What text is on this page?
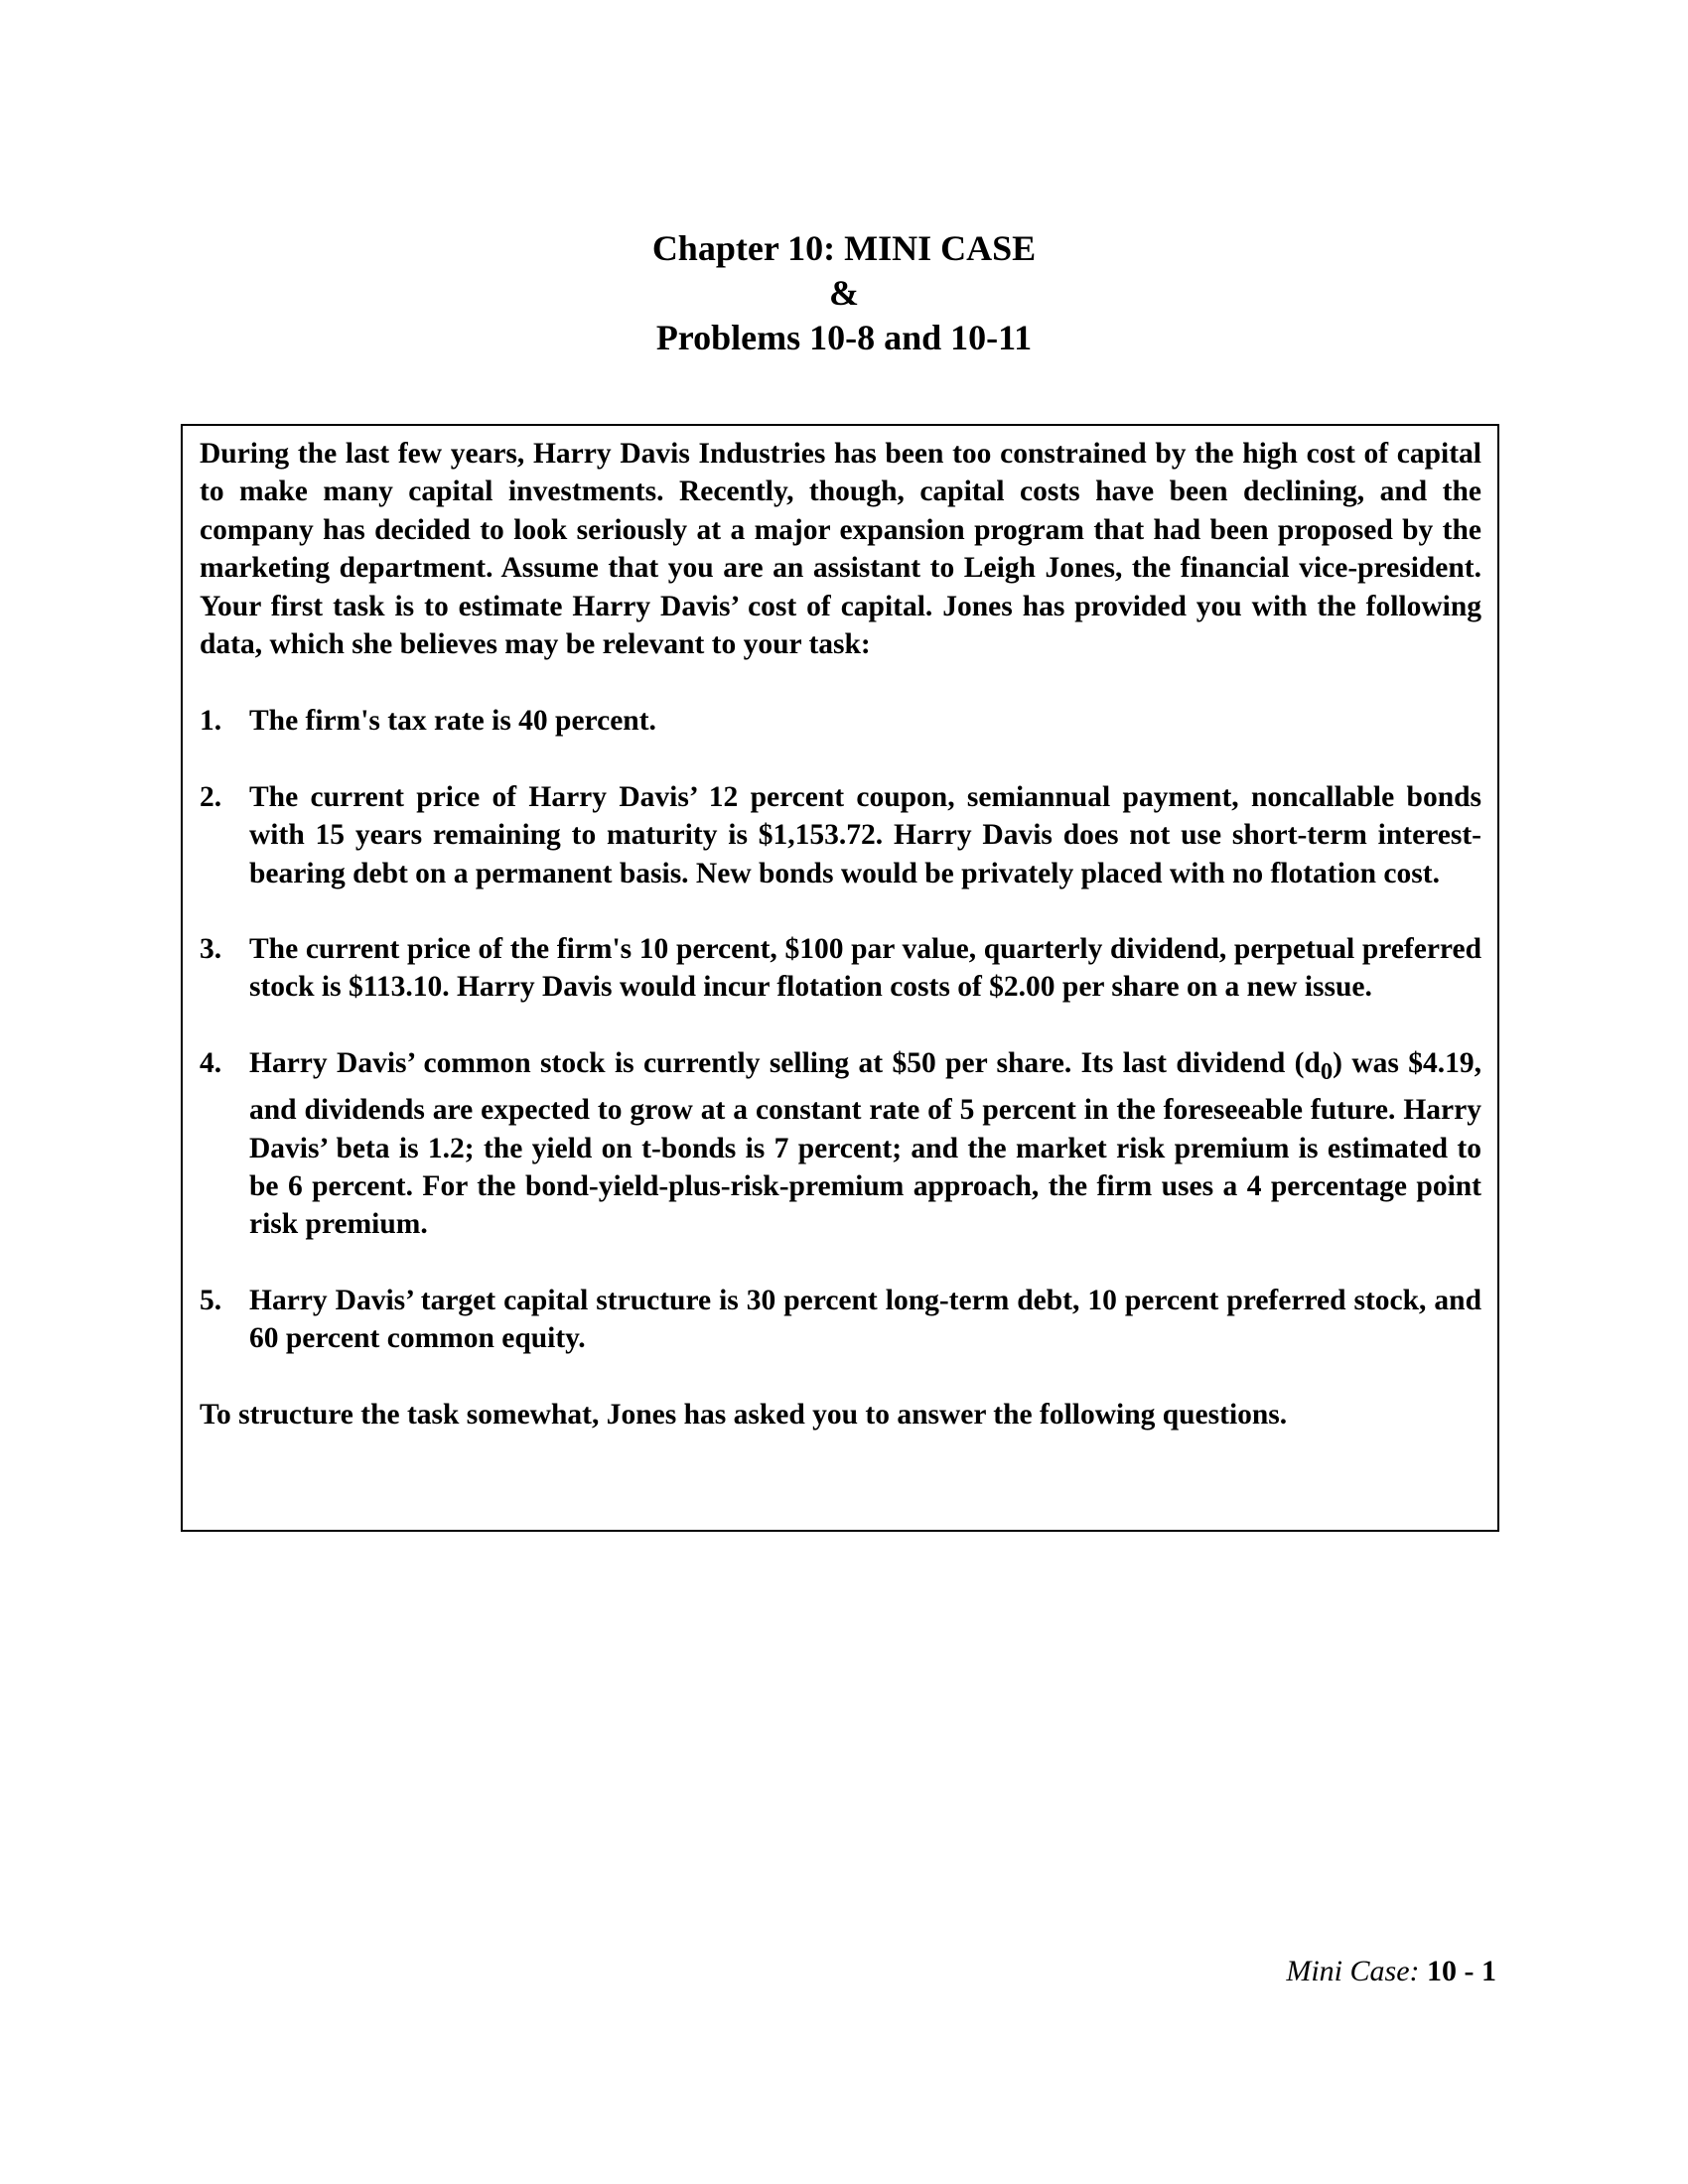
Chapter 10: MINI CASE
&
Problems 10-8 and 10-11

During the last few years, Harry Davis Industries has been too constrained by the high cost of capital to make many capital investments. Recently, though, capital costs have been declining, and the company has decided to look seriously at a major expansion program that had been proposed by the marketing department. Assume that you are an assistant to Leigh Jones, the financial vice-president. Your first task is to estimate Harry Davis’ cost of capital. Jones has provided you with the following data, which she believes may be relevant to your task:

1. The firm's tax rate is 40 percent.
2. The current price of Harry Davis’ 12 percent coupon, semiannual payment, noncallable bonds with 15 years remaining to maturity is $1,153.72. Harry Davis does not use short-term interest-bearing debt on a permanent basis. New bonds would be privately placed with no flotation cost.
3. The current price of the firm's 10 percent, $100 par value, quarterly dividend, perpetual preferred stock is $113.10. Harry Davis would incur flotation costs of $2.00 per share on a new issue.
4. Harry Davis’ common stock is currently selling at $50 per share. Its last dividend $(d_0)$ was $4.19, and dividends are expected to grow at a constant rate of 5 percent in the foreseeable future. Harry Davis’ beta is 1.2; the yield on t-bonds is 7 percent; and the market risk premium is estimated to be 6 percent. For the bond-yield-plus-risk-premium approach, the firm uses a 4 percentage point risk premium.
5. Harry Davis’ target capital structure is 30 percent long-term debt, 10 percent preferred stock, and 60 percent common equity.

To structure the task somewhat, Jones has asked you to answer the following questions.

Mini Case: 10 - 1
